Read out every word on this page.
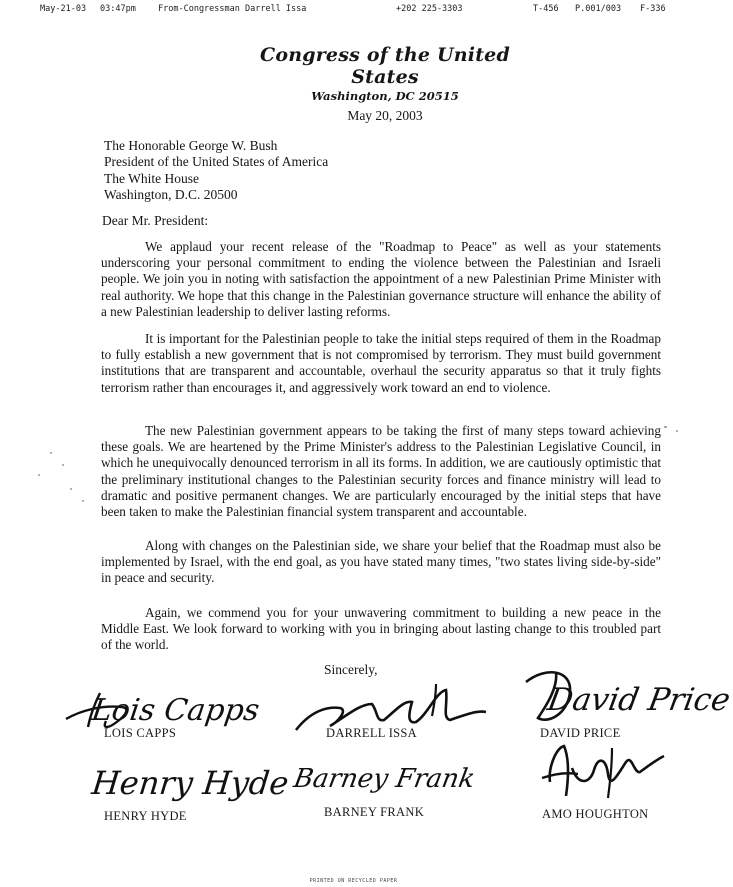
May-21-03 03:47pm	From-Congressman Darrell Issa	+202 225-3303	T-456 P.001/003 F-336
Congress of the United States
Washington, DC 20515
May 20, 2003
The Honorable George W. Bush
President of the United States of America
The White House
Washington, D.C. 20500
Dear Mr. President:

We applaud your recent release of the "Roadmap to Peace" as well as your statements underscoring your personal commitment to ending the violence between the Palestinian and Israeli people. We join you in noting with satisfaction the appointment of a new Palestinian Prime Minister with real authority. We hope that this change in the Palestinian governance structure will enhance the ability of a new Palestinian leadership to deliver lasting reforms.

It is important for the Palestinian people to take the initial steps required of them in the Roadmap to fully establish a new government that is not compromised by terrorism. They must build government institutions that are transparent and accountable, overhaul the security apparatus so that it truly fights terrorism rather than encourages it, and aggressively work toward an end to violence.

The new Palestinian government appears to be taking the first of many steps toward achieving these goals. We are heartened by the Prime Minister's address to the Palestinian Legislative Council, in which he unequivocally denounced terrorism in all its forms. In addition, we are cautiously optimistic that the preliminary institutional changes to the Palestinian security forces and finance ministry will lead to dramatic and positive permanent changes. We are particularly encouraged by the initial steps that have been taken to make the Palestinian financial system transparent and accountable.

Along with changes on the Palestinian side, we share your belief that the Roadmap must also be implemented by Israel, with the end goal, as you have stated many times, "two states living side-by-side" in peace and security.

Again, we commend you for your unwavering commitment to building a new peace in the Middle East. We look forward to working with you in bringing about lasting change to this troubled part of the world.

Sincerely,
Lois Capps
LOIS CAPPS	DARRELL ISSA
David Price
DAVID PRICE
Henry Hyde
HENRY HYDE
Barney Frank
BARNEY FRANK	AMO HOUGHTON
PRINTED ON RECYCLED PAPER
